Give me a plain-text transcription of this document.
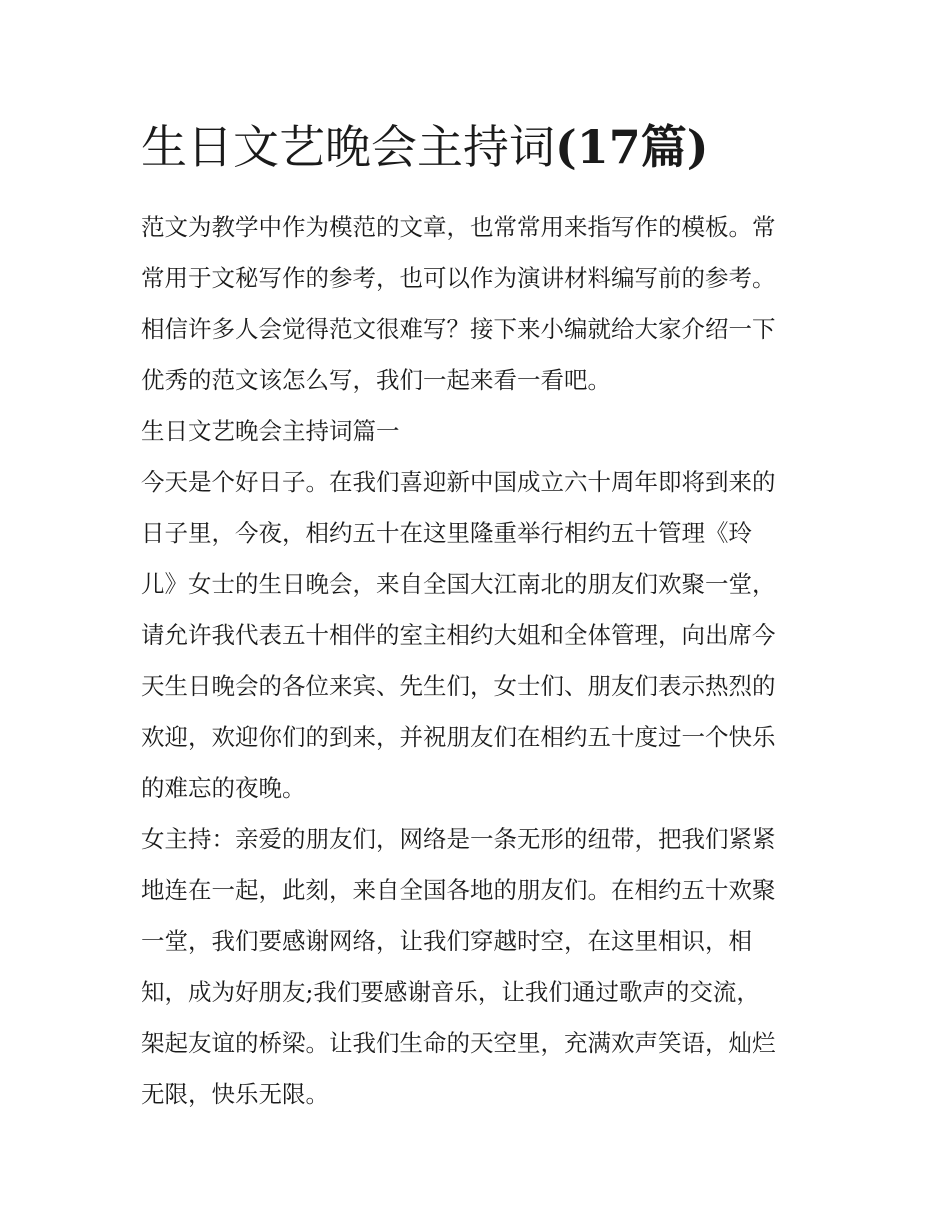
生日文艺晚会主持词(17篇)
范文为教学中作为模范的文章，也常常用来指写作的模板。常
常用于文秘写作的参考，也可以作为演讲材料编写前的参考。
相信许多人会觉得范文很难写？接下来小编就给大家介绍一下
优秀的范文该怎么写，我们一起来看一看吧。
生日文艺晚会主持词篇一
今天是个好日子。在我们喜迎新中国成立六十周年即将到来的
日子里，今夜，相约五十在这里隆重举行相约五十管理《玲
儿》女士的生日晚会，来自全国大江南北的朋友们欢聚一堂，
请允许我代表五十相伴的室主相约大姐和全体管理，向出席今
天生日晚会的各位来宾、先生们，女士们、朋友们表示热烈的
欢迎，欢迎你们的到来，并祝朋友们在相约五十度过一个快乐
的难忘的夜晚。
女主持：亲爱的朋友们，网络是一条无形的纽带，把我们紧紧
地连在一起，此刻，来自全国各地的朋友们。在相约五十欢聚
一堂，我们要感谢网络，让我们穿越时空，在这里相识，相
知，成为好朋友;我们要感谢音乐，让我们通过歌声的交流，
架起友谊的桥梁。让我们生命的天空里，充满欢声笑语，灿烂
无限，快乐无限。
